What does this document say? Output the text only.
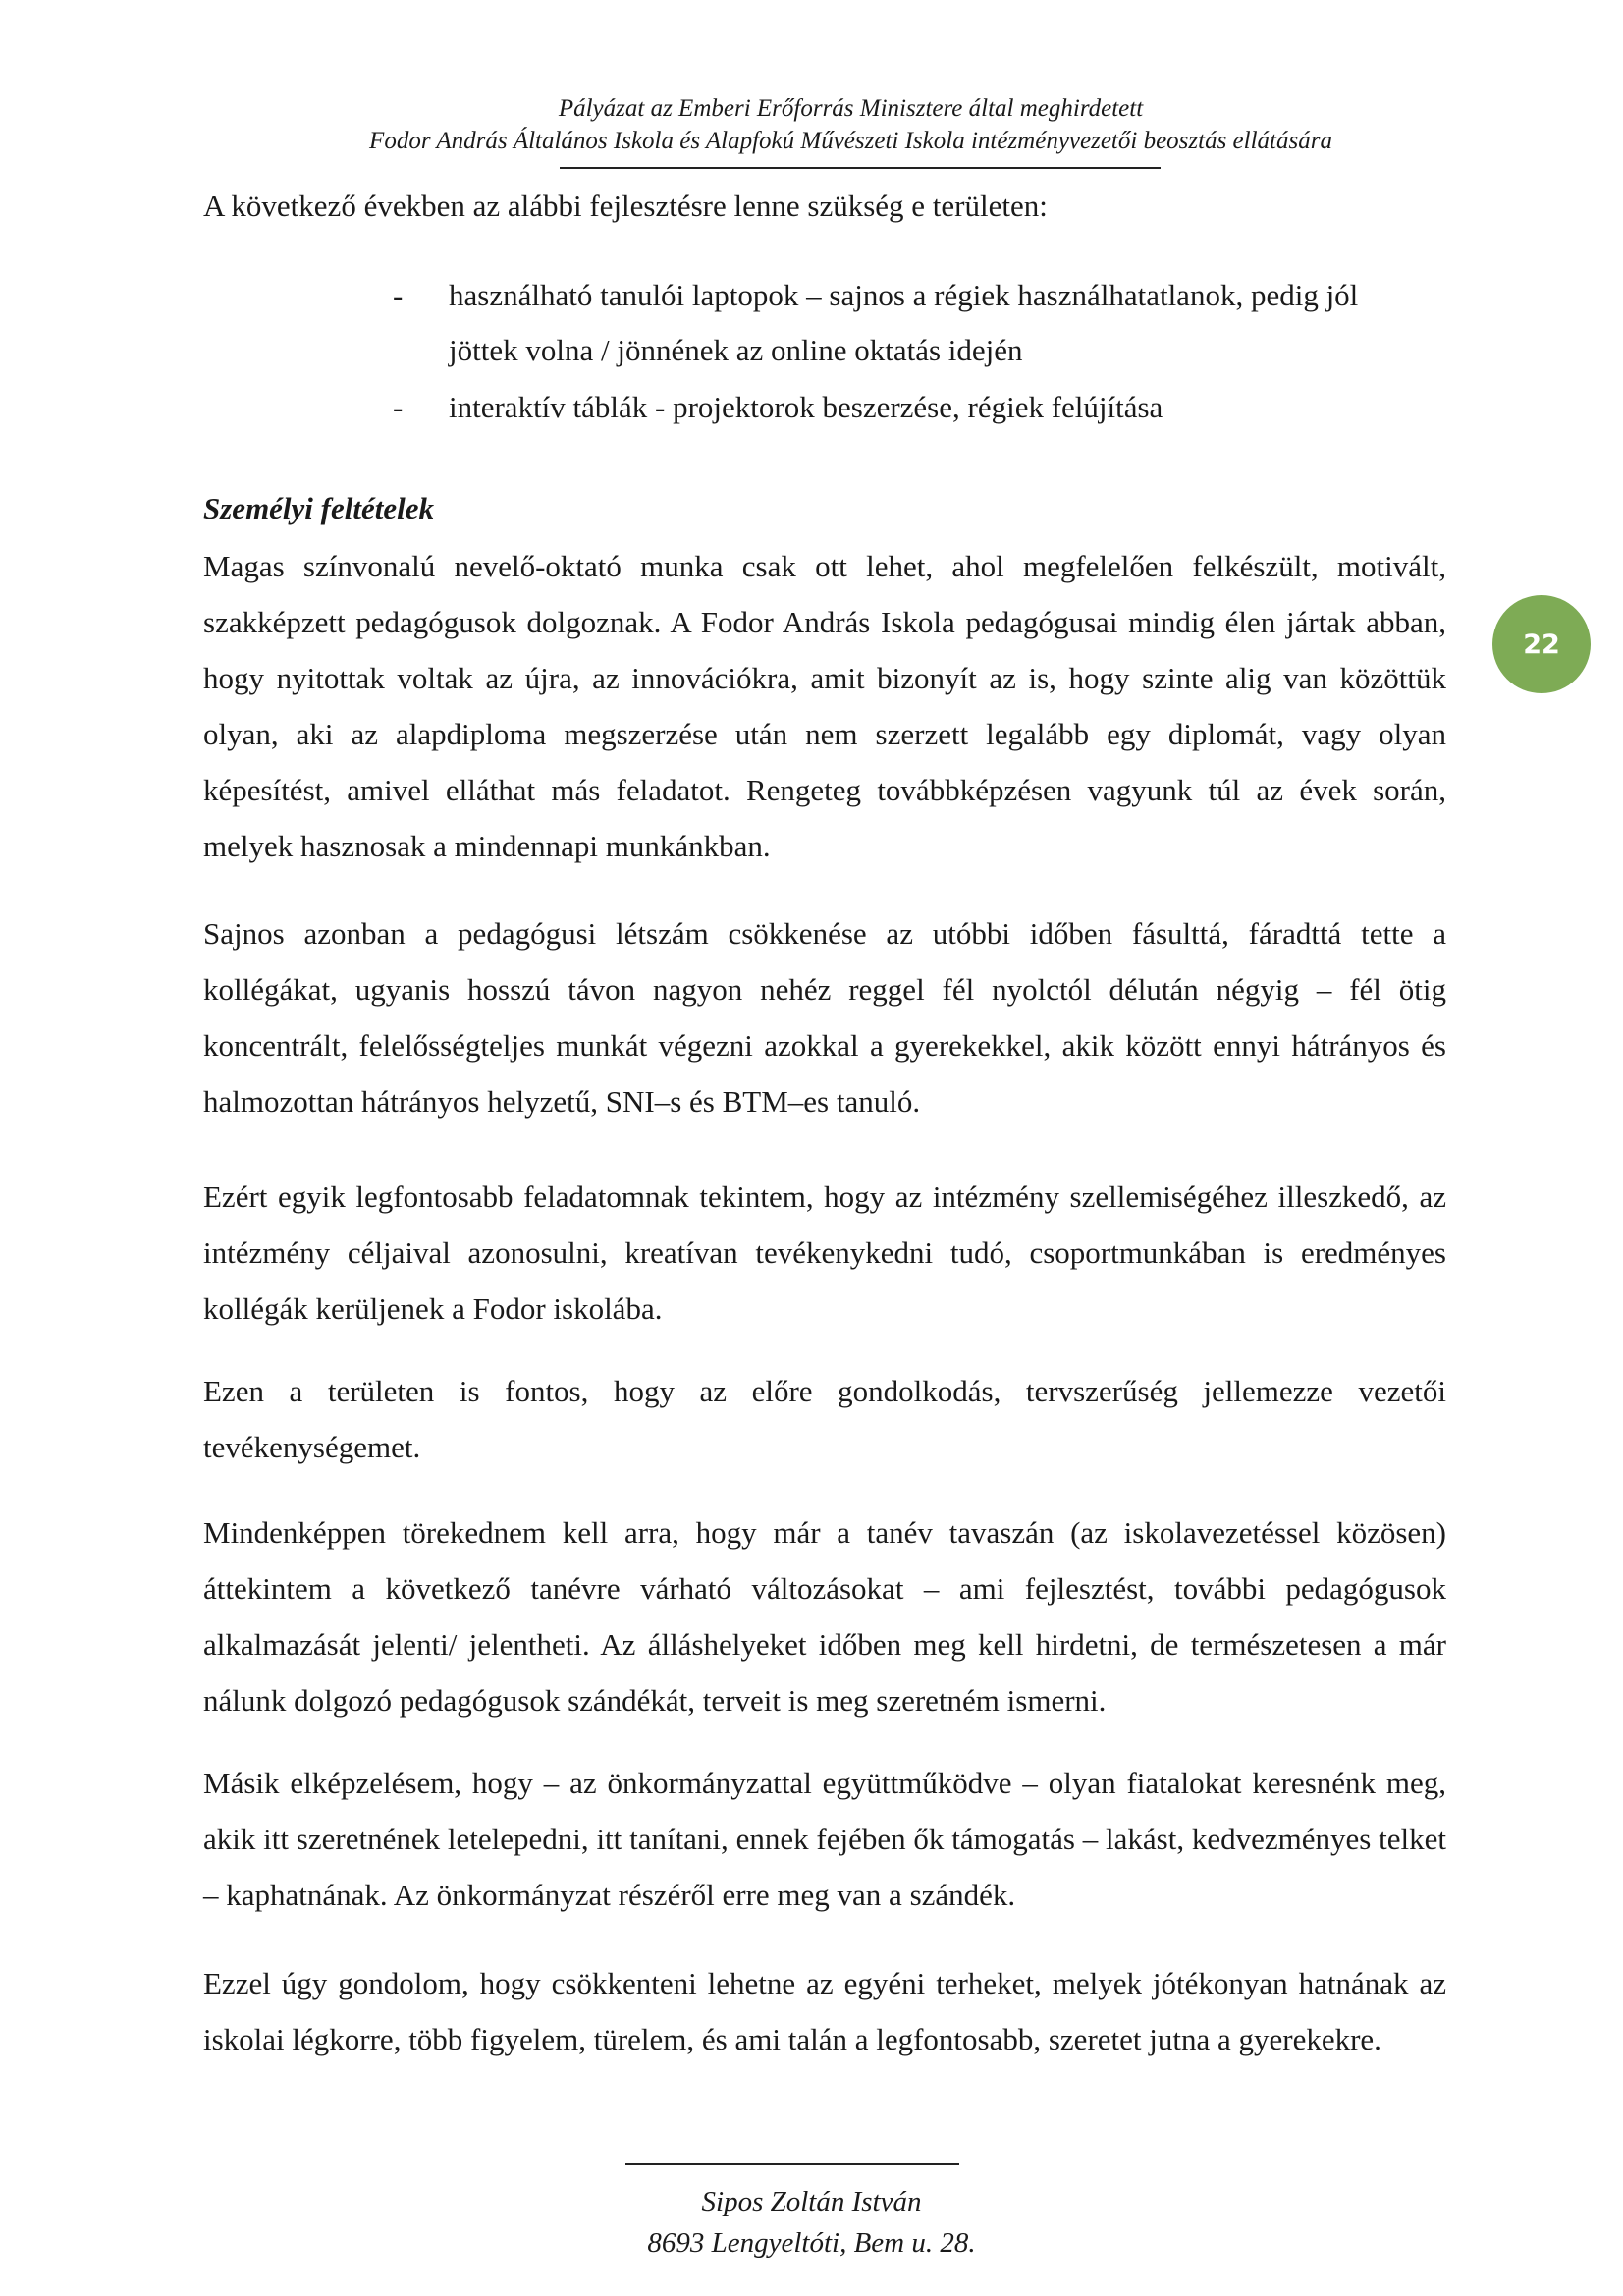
Pályázat az Emberi Erőforrás Minisztere által meghirdetett
Fodor András Általános Iskola és Alapfokú Művészeti Iskola intézményvezetői beosztás ellátására
A következő években az alábbi fejlesztésre lenne szükség e területen:
- használható tanulói laptopok – sajnos a régiek használhatatlanok, pedig jól
jöttek volna / jönnének az online oktatás idején
- interaktív táblák - projektorok beszerzése, régiek felújítása
Személyi feltételek
Magas színvonalú nevelő-oktató munka csak ott lehet, ahol megfelelően felkészült, motivált, szakképzett pedagógusok dolgoznak. A Fodor András Iskola pedagógusai mindig élen jártak abban, hogy nyitottak voltak az újra, az innovációkra, amit bizonyít az is, hogy szinte alig van közöttük olyan, aki az alapdiploma megszerzése után nem szerzett legalább egy diplomát, vagy olyan képesítést, amivel elláthat más feladatot. Rengeteg továbbképzésen vagyunk túl az évek során, melyek hasznosak a mindennapi munkánkban.
Sajnos azonban a pedagógusi létszám csökkenése az utóbbi időben fásulttá, fáradttá tette a kollégákat, ugyanis hosszú távon nagyon nehéz reggel fél nyolctól délután négyig – fél ötig koncentrált, felelősségteljes munkát végezni azokkal a gyerekekkel, akik között ennyi hátrányos és halmozottan hátrányos helyzetű, SNI–s és BTM–es tanuló.
Ezért egyik legfontosabb feladatomnak tekintem, hogy az intézmény szellemiségéhez illeszkedő, az intézmény céljaival azonosulni, kreatívan tevékenykedni tudó, csoportmunkában is eredményes kollégák kerüljenek a Fodor iskolába.
Ezen a területen is fontos, hogy az előre gondolkodás, tervszerűség jellemezze vezetői tevékenységemet.
Mindenképpen törekednem kell arra, hogy már a tanév tavaszán (az iskolavezetéssel közösen) áttekintem a következő tanévre várható változásokat – ami fejlesztést, további pedagógusok alkalmazását jelenti/ jelentheti. Az álláshelyeket időben meg kell hirdetni, de természetesen a már nálunk dolgozó pedagógusok szándékát, terveit is meg szeretném ismerni.
Másik elképzelésem, hogy – az önkormányzattal együttműködve – olyan fiatalokat keresnénk meg, akik itt szeretnének letelepedni, itt tanítani, ennek fejében ők támogatás – lakást, kedvezményes telket – kaphatnának. Az önkormányzat részéről erre meg van a szándék.
Ezzel úgy gondolom, hogy csökkenteni lehetne az egyéni terheket, melyek jótékonyan hatnának az iskolai légkorre, több figyelem, türelem, és ami talán a legfontosabb, szeretet jutna a gyerekekre.
22
Sipos Zoltán István
8693 Lengyeltóti, Bem u. 28.
